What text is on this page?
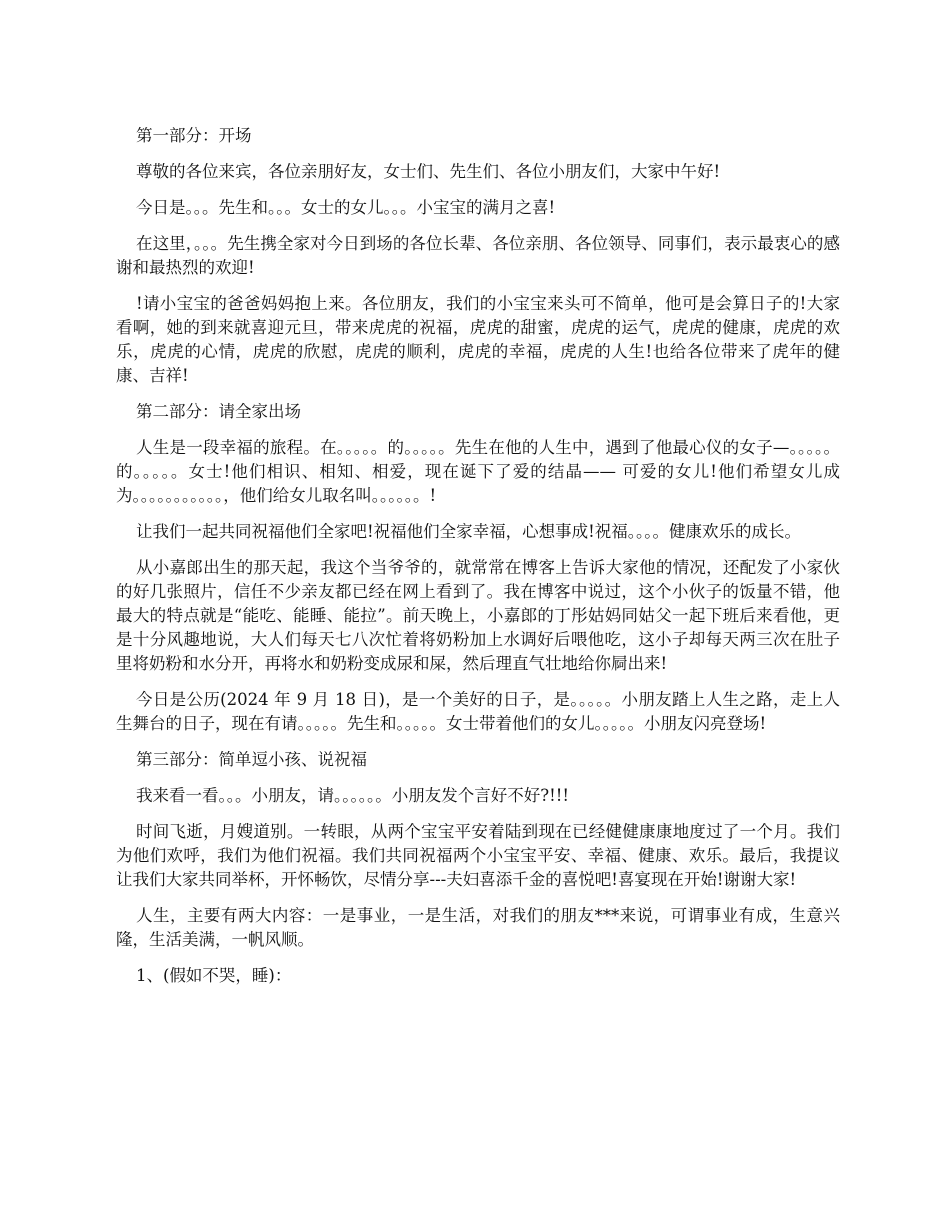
第一部分：开场

尊敬的各位来宾，各位亲朋好友，女士们、先生们、各位小朋友们，大家中午好!

今日是。。。先生和。。。女士的女儿。。。小宝宝的满月之喜!

在这里，。。。先生携全家对今日到场的各位长辈、各位亲朋、各位领导、同事们，表示最衷心的感谢和最热烈的欢迎!

!请小宝宝的爸爸妈妈抱上来。各位朋友，我们的小宝宝来头可不简单，他可是会算日子的!大家看啊，她的到来就喜迎元旦，带来虎虎的祝福，虎虎的甜蜜，虎虎的运气，虎虎的健康，虎虎的欢乐，虎虎的心情，虎虎的欣慰，虎虎的顺利，虎虎的幸福，虎虎的人生!也给各位带来了虎年的健康、吉祥!

第二部分：请全家出场

人生是一段幸福的旅程。在。。。。。的。。。。。先生在他的人生中，遇到了他最心仪的女子—。。。。。的。。。。。女士!他们相识、相知、相爱，现在诞下了爱的结晶—— 可爱的女儿!他们希望女儿成为。。。。。。。。。。。，他们给女儿取名叫。。。。。。!

让我们一起共同祝福他们全家吧!祝福他们全家幸福，心想事成!祝福。。。。健康欢乐的成长。

从小嘉郎出生的那天起，我这个当爷爷的，就常常在博客上告诉大家他的情况，还配发了小家伙的好几张照片，信任不少亲友都已经在网上看到了。我在博客中说过，这个小伙子的饭量不错，他最大的特点就是“能吃、能睡、能拉”。前天晚上，小嘉郎的丁彤姑妈同姑父一起下班后来看他，更是十分风趣地说，大人们每天七八次忙着将奶粉加上水调好后喂他吃，这小子却每天两三次在肚子里将奶粉和水分开，再将水和奶粉变成尿和屎，然后理直气壮地给你屙出来!

今日是公历(2024 年 9 月 18 日)，是一个美好的日子，是。。。。。小朋友踏上人生之路，走上人生舞台的日子，现在有请。。。。。先生和。。。。。女士带着他们的女儿。。。。。小朋友闪亮登场!

第三部分：简单逗小孩、说祝福

我来看一看。。。小朋友，请。。。。。。小朋友发个言好不好?!!!

时间飞逝，月嫂道别。一转眼，从两个宝宝平安着陆到现在已经健健康康地度过了一个月。我们为他们欢呼，我们为他们祝福。我们共同祝福两个小宝宝平安、幸福、健康、欢乐。最后，我提议让我们大家共同举杯，开怀畅饮，尽情分享---夫妇喜添千金的喜悦吧!喜宴现在开始!谢谢大家!

人生，主要有两大内容：一是事业，一是生活，对我们的朋友***来说，可谓事业有成，生意兴隆，生活美满，一帆风顺。

1、(假如不哭，睡)：
